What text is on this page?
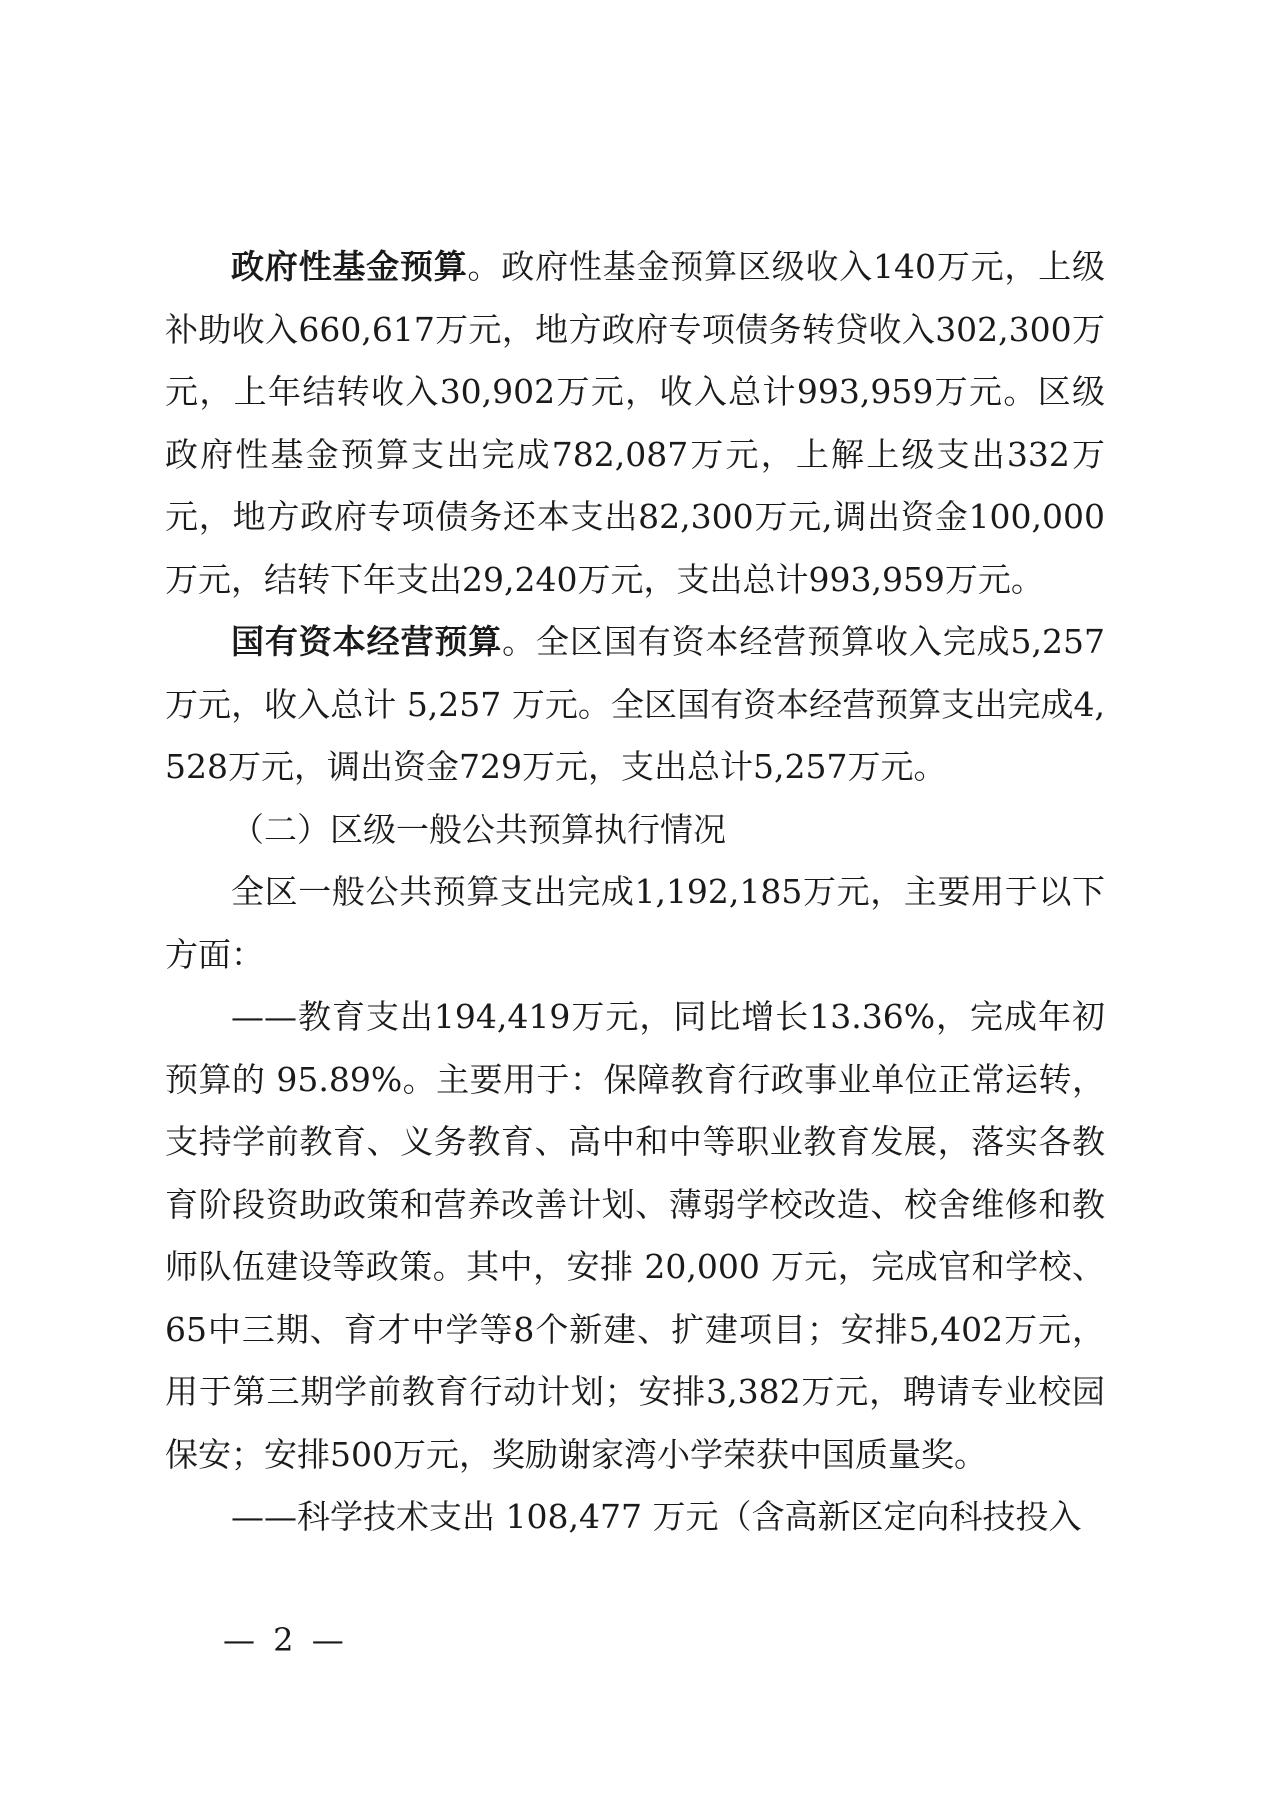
政府性基金预算。政府性基金预算区级收入140万元，上级补助收入660,617万元，地方政府专项债务转贷收入302,300万元，上年结转收入30,902万元，收入总计993,959万元。区级政府性基金预算支出完成782,087万元，上解上级支出332万元，地方政府专项债务还本支出82,300万元,调出资金100,000万元，结转下年支出29,240万元，支出总计993,959万元。

国有资本经营预算。全区国有资本经营预算收入完成5,257万元，收入总计 5,257 万元。全区国有资本经营预算支出完成4,528万元，调出资金729万元，支出总计5,257万元。

（二）区级一般公共预算执行情况

全区一般公共预算支出完成1,192,185万元，主要用于以下方面：

——教育支出194,419万元，同比增长13.36%，完成年初预算的 95.89%。主要用于：保障教育行政事业单位正常运转，支持学前教育、义务教育、高中和中等职业教育发展，落实各教育阶段资助政策和营养改善计划、薄弱学校改造、校舍维修和教师队伍建设等政策。其中，安排 20,000 万元，完成官和学校、65中三期、育才中学等8个新建、扩建项目；安排5,402万元，用于第三期学前教育行动计划；安排3,382万元，聘请专业校园保安；安排500万元，奖励谢家湾小学荣获中国质量奖。

——科学技术支出 108,477 万元（含高新区定向科技投入

— 2 —
